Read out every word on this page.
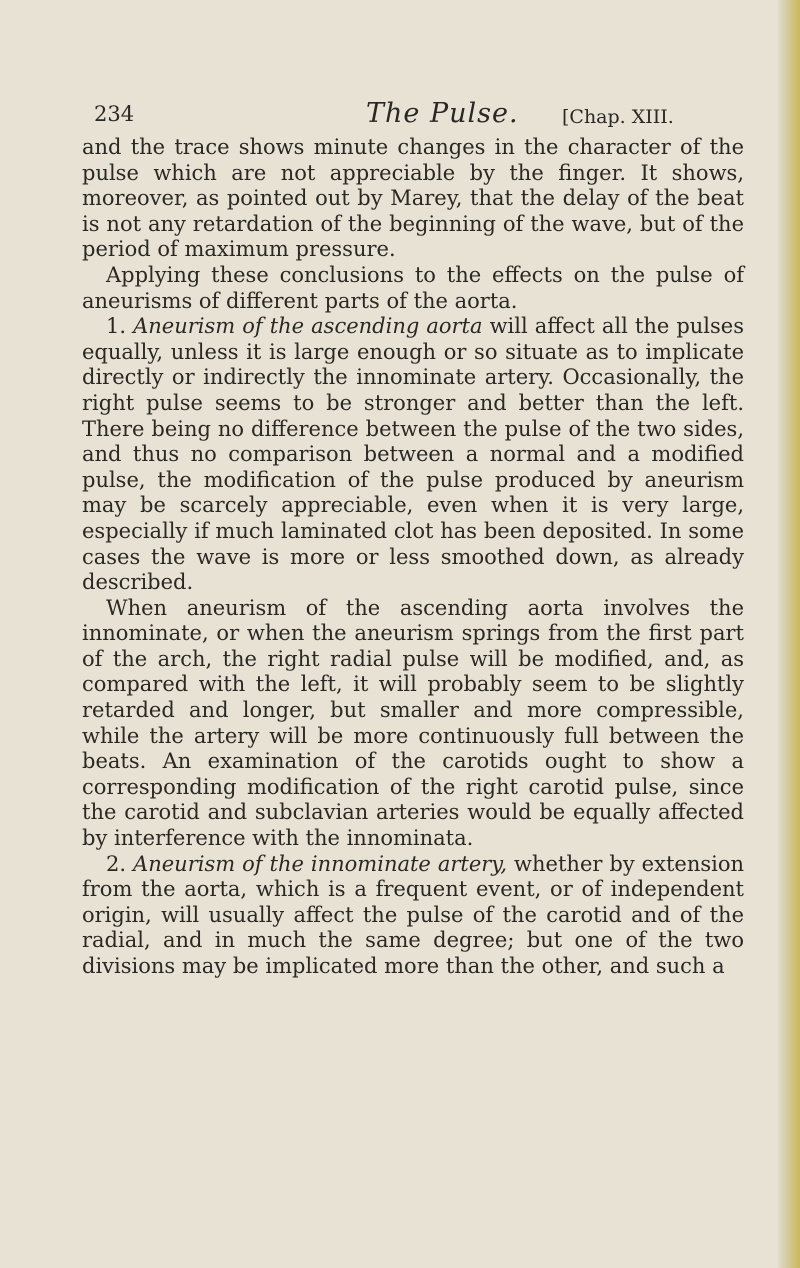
234	The Pulse. [Chap. XIII.

and the trace shows minute changes in the character of the pulse which are not appreciable by the finger. It shows, moreover, as pointed out by Marey, that the delay of the beat is not any retardation of the beginning of the wave, but of the period of maximum pressure.

Applying these conclusions to the effects on the pulse of aneurisms of different parts of the aorta.

1. Aneurism of the ascending aorta will affect all the pulses equally, unless it is large enough or so situate as to implicate directly or indirectly the innominate artery. Occasionally, the right pulse seems to be stronger and better than the left. There being no difference between the pulse of the two sides, and thus no comparison between a normal and a modified pulse, the modification of the pulse produced by aneurism may be scarcely appreciable, even when it is very large, especially if much laminated clot has been deposited. In some cases the wave is more or less smoothed down, as already described.

When aneurism of the ascending aorta involves the innominate, or when the aneurism springs from the first part of the arch, the right radial pulse will be modified, and, as compared with the left, it will probably seem to be slightly retarded and longer, but smaller and more compressible, while the artery will be more continuously full between the beats. An examination of the carotids ought to show a corresponding modification of the right carotid pulse, since the carotid and subclavian arteries would be equally affected by interference with the innominata.

2. Aneurism of the innominate artery, whether by extension from the aorta, which is a frequent event, or of independent origin, will usually affect the pulse of the carotid and of the radial, and in much the same degree; but one of the two divisions may be implicated more than the other, and such a
